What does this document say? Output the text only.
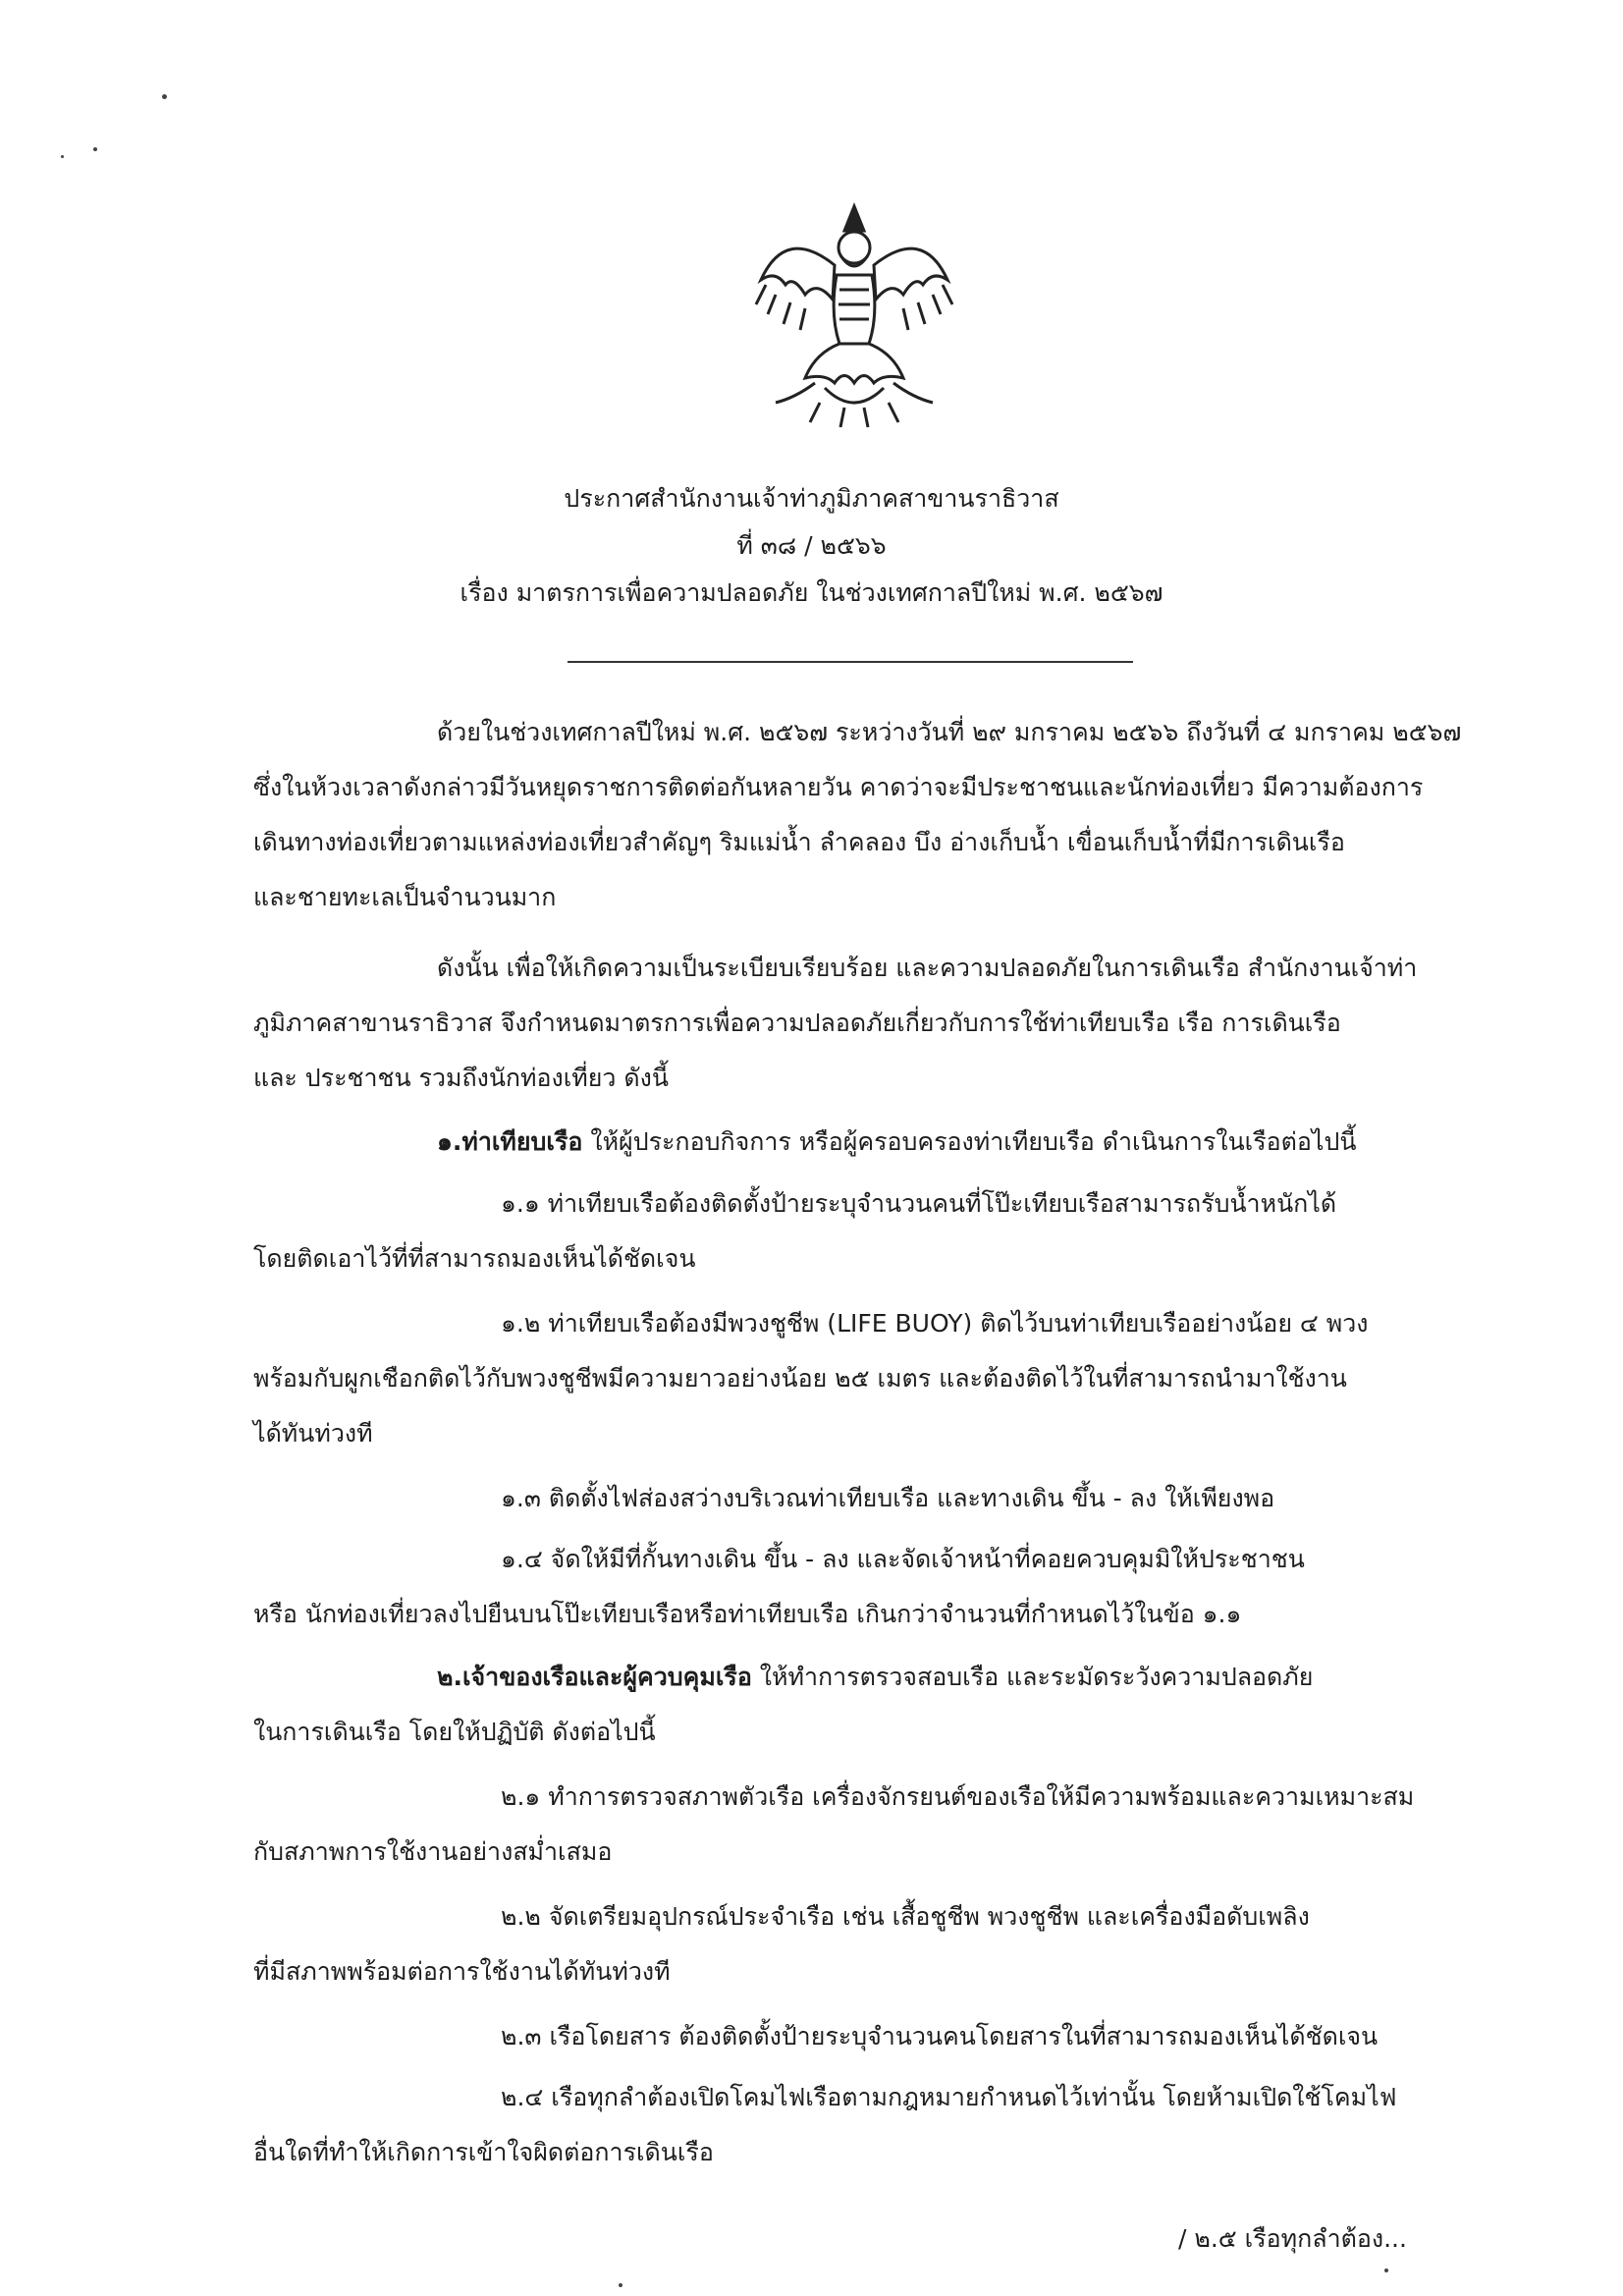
ประกาศสำนักงานเจ้าท่าภูมิภาคสาขานราธิวาส
ที่ ๓๘ / ๒๕๖๖
เรื่อง มาตรการเพื่อความปลอดภัย ในช่วงเทศกาลปีใหม่ พ.ศ. ๒๕๖๗
ด้วยในช่วงเทศกาลปีใหม่ พ.ศ. ๒๕๖๗ ระหว่างวันที่ ๒๙ มกราคม ๒๕๖๖ ถึงวันที่ ๔ มกราคม ๒๕๖๗
ซึ่งในห้วงเวลาดังกล่าวมีวันหยุดราชการติดต่อกันหลายวัน คาดว่าจะมีประชาชนและนักท่องเที่ยว มีความต้องการ
เดินทางท่องเที่ยวตามแหล่งท่องเที่ยวสำคัญๆ ริมแม่น้ำ ลำคลอง บึง อ่างเก็บน้ำ เขื่อนเก็บน้ำที่มีการเดินเรือ
และชายทะเลเป็นจำนวนมาก
ดังนั้น เพื่อให้เกิดความเป็นระเบียบเรียบร้อย และความปลอดภัยในการเดินเรือ สำนักงานเจ้าท่า
ภูมิภาคสาขานราธิวาส จึงกำหนดมาตรการเพื่อความปลอดภัยเกี่ยวกับการใช้ท่าเทียบเรือ เรือ การเดินเรือ
และ ประชาชน รวมถึงนักท่องเที่ยว ดังนี้
๑.ท่าเทียบเรือ ให้ผู้ประกอบกิจการ หรือผู้ครอบครองท่าเทียบเรือ ดำเนินการในเรือต่อไปนี้
๑.๑ ท่าเทียบเรือต้องติดตั้งป้ายระบุจำนวนคนที่โป๊ะเทียบเรือสามารถรับน้ำหนักได้
โดยติดเอาไว้ที่ที่สามารถมองเห็นได้ชัดเจน
๑.๒ ท่าเทียบเรือต้องมีพวงชูชีพ (LIFE BUOY) ติดไว้บนท่าเทียบเรืออย่างน้อย ๔ พวง
พร้อมกับผูกเชือกติดไว้กับพวงชูชีพมีความยาวอย่างน้อย ๒๕ เมตร และต้องติดไว้ในที่สามารถนำมาใช้งาน
ได้ทันท่วงที
๑.๓ ติดตั้งไฟส่องสว่างบริเวณท่าเทียบเรือ และทางเดิน ขึ้น - ลง ให้เพียงพอ
๑.๔ จัดให้มีที่กั้นทางเดิน ขึ้น - ลง และจัดเจ้าหน้าที่คอยควบคุมมิให้ประชาชน
หรือ นักท่องเที่ยวลงไปยืนบนโป๊ะเทียบเรือหรือท่าเทียบเรือ เกินกว่าจำนวนที่กำหนดไว้ในข้อ ๑.๑
๒.เจ้าของเรือและผู้ควบคุมเรือ ให้ทำการตรวจสอบเรือ และระมัดระวังความปลอดภัย
ในการเดินเรือ โดยให้ปฏิบัติ ดังต่อไปนี้
๒.๑ ทำการตรวจสภาพตัวเรือ เครื่องจักรยนต์ของเรือให้มีความพร้อมและความเหมาะสม
กับสภาพการใช้งานอย่างสม่ำเสมอ
๒.๒ จัดเตรียมอุปกรณ์ประจำเรือ เช่น เสื้อชูชีพ พวงชูชีพ และเครื่องมือดับเพลิง
ที่มีสภาพพร้อมต่อการใช้งานได้ทันท่วงที
๒.๓ เรือโดยสาร ต้องติดตั้งป้ายระบุจำนวนคนโดยสารในที่สามารถมองเห็นได้ชัดเจน
๒.๔ เรือทุกลำต้องเปิดโคมไฟเรือตามกฎหมายกำหนดไว้เท่านั้น โดยห้ามเปิดใช้โคมไฟ
อื่นใดที่ทำให้เกิดการเข้าใจผิดต่อการเดินเรือ
/ ๒.๕ เรือทุกลำต้อง...
